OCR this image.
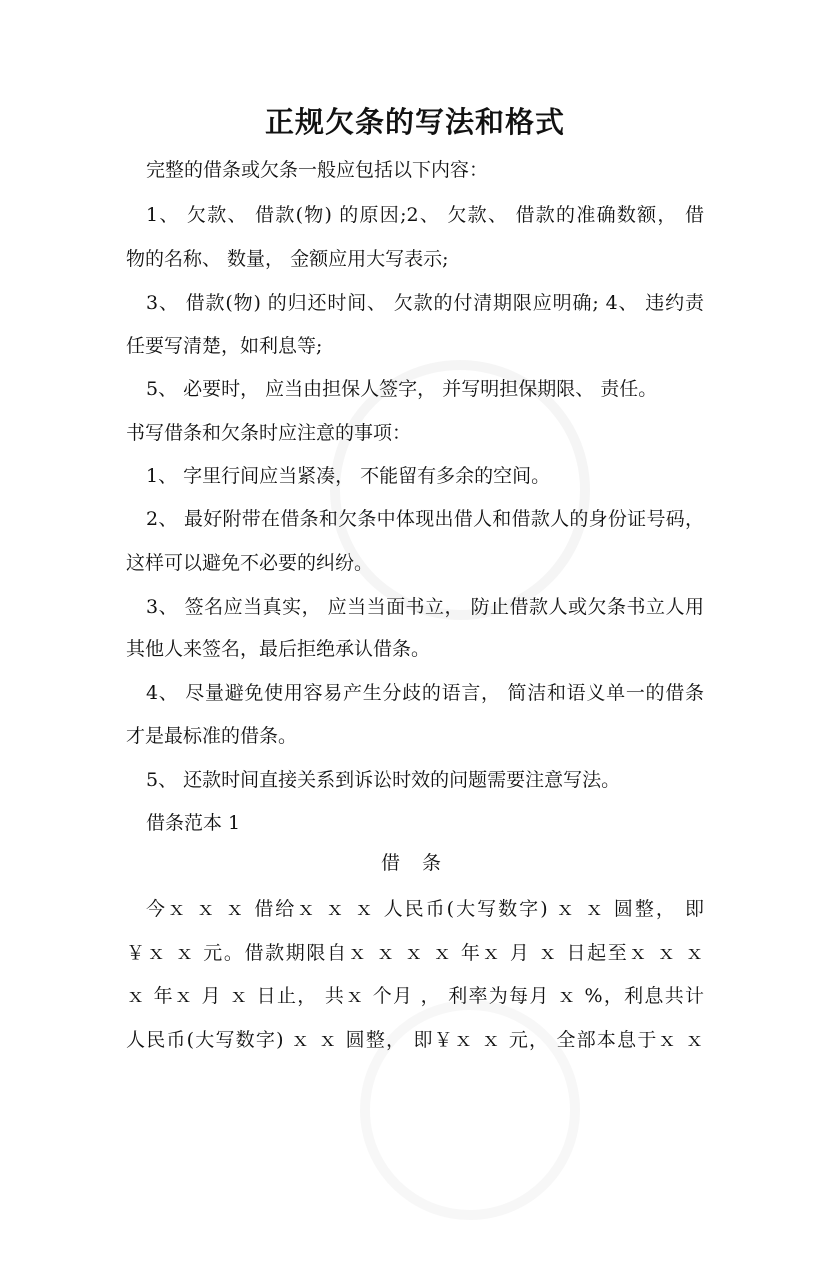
正规欠条的写法和格式
完整的借条或欠条一般应包括以下内容：
1、 欠款、 借款(物) 的原因;2、 欠款、 借款的准确数额， 借
物的名称、 数量， 金额应用大写表示;
3、 借款(物) 的归还时间、 欠款的付清期限应明确; 4、 违约责
任要写清楚，如利息等;
5、 必要时， 应当由担保人签字， 并写明担保期限、 责任。
书写借条和欠条时应注意的事项：
1、 字里行间应当紧凑， 不能留有多余的空间。
2、 最好附带在借条和欠条中体现出借人和借款人的身份证号码，
这样可以避免不必要的纠纷。
3、 签名应当真实， 应当当面书立， 防止借款人或欠条书立人用
其他人来签名，最后拒绝承认借条。
4、 尽量避免使用容易产生分歧的语言， 简洁和语义单一的借条
才是最标准的借条。
5、 还款时间直接关系到诉讼时效的问题需要注意写法。
借条范本 1
借 条
今ｘ ｘ ｘ 借给ｘ ｘ ｘ 人民币(大写数字) ｘ ｘ 圆整， 即
￥ｘ ｘ 元。借款期限自ｘ ｘ ｘ ｘ 年ｘ 月 ｘ 日起至ｘ ｘ ｘ
ｘ 年ｘ 月 ｘ 日止， 共ｘ 个月 ， 利率为每月 ｘ %，利息共计
人民币(大写数字) ｘ ｘ 圆整， 即￥ｘ ｘ 元， 全部本息于ｘ ｘ
